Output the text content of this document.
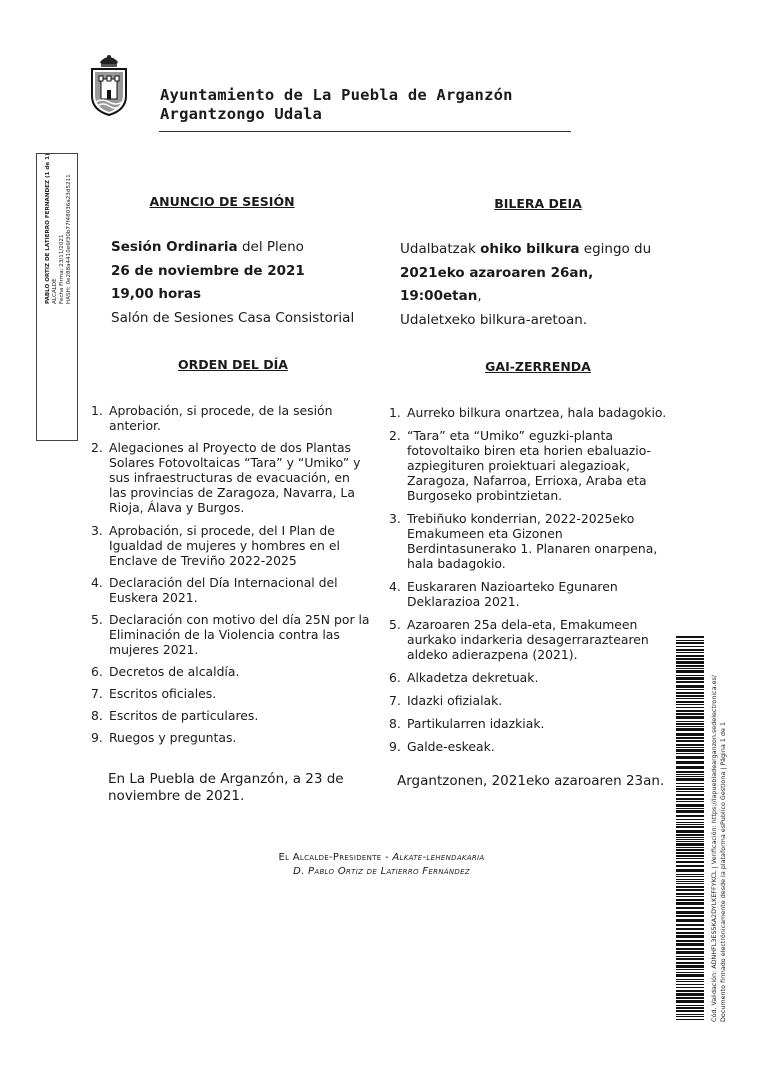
Ayuntamiento de La Puebla de Arganzón
Argantzongo Udala
PABLO ORTIZ DE LATIERRO FERNANDEZ (1 de 1) ALCALDE Fecha Firma: 23/11/2021 HASH: 0e288a4410e6f30b77f48036a23d5211	ANUNCIO DE SESIÓN
Sesión Ordinaria del Pleno
26 de noviembre de 2021
19,00 horas
Salón de Sesiones Casa Consistorial
ORDEN DEL DÍA
1. Aprobación, si procede, de la sesión anterior.
2. Alegaciones al Proyecto de dos Plantas Solares Fotovoltaicas “Tara” y “Umiko” y sus infraestructuras de evacuación, en las provincias de Zaragoza, Navarra, La Rioja, Álava y Burgos.
3. Aprobación, si procede, del I Plan de Igualdad de mujeres y hombres en el Enclave de Treviño 2022-2025
4. Declaración del Día Internacional del Euskera 2021.
5. Declaración con motivo del día 25N por la Eliminación de la Violencia contra las mujeres 2021.
6. Decretos de alcaldía.
7. Escritos oficiales.
8. Escritos de particulares.
9. Ruegos y preguntas.
En La Puebla de Arganzón, a 23 de noviembre de 2021.
BILERA DEIA
Udalbatzak ohiko bilkura egingo du
2021eko azaroaren 26an,
19:00etan,
Udaletxeko bilkura-aretoan.
GAI-ZERRENDA
1. Aurreko bilkura onartzea, hala badagokio.
2. “Tara” eta “Umiko” eguzki-planta fotovoltaiko biren eta horien ebaluazio-azpiegituren proiektuari alegazioak, Zaragoza, Nafarroa, Errioxa, Araba eta Burgoseko probintzietan.
3. Trebiñuko konderrian, 2022-2025eko Emakumeen eta Gizonen Berdintasunerako 1. Planaren onarpena, hala badagokio.
4. Euskararen Nazioarteko Egunaren Deklarazioa 2021.
5. Azaroaren 25a dela-eta, Emakumeen aurkako indarkeria desagerraraztearen aldeko adierazpena (2021).
6. Alkadetza dekretuak.
7. Idazki ofizialak.
8. Partikularren idazkiak.
9. Galde-eskeak.
Argantzonen, 2021eko azaroaren 23an.
El Alcalde-Presidente - Alkate-lehendakaria
D. Pablo Ortiz de Latierro Fernández	Cód. Validación: ADNHFL3ES5KA2DYLKEFFYKCL | Verificación: https://lapuebladearganzon.sedelectronica.es/ Documento firmado electrónicamente desde la plataforma esPublico Gestiona | Página 1 de 1
